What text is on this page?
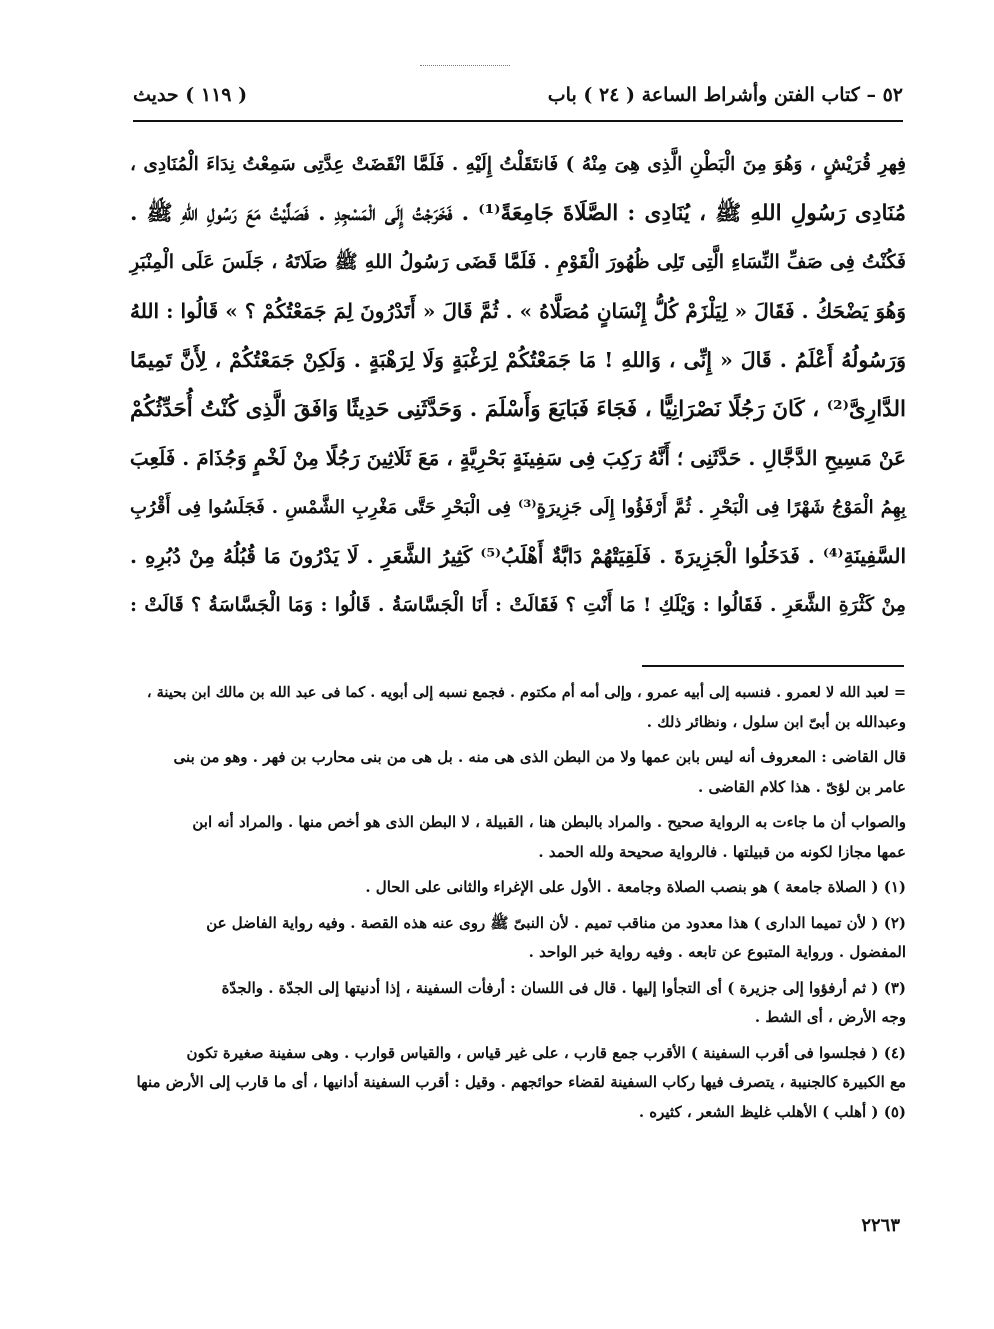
٥٢ – كتاب الفتن وأشراط الساعة ( ٢٤ ) باب
( ١١٩ ) حديث

فِهرِ قُرَيْشٍ ، وَهُوَ مِنَ الْبَطْنِ الَّذِى هِىَ مِنْهُ ) فَانتَقَلْتُ إِلَيْهِ . فَلَمَّا انْقَضَتْ عِدَّتِى سَمِعْتُ نِدَاءَ الْمُنَادِى ،

مُنَادِى رَسُولِ اللهِ ﷺ ، يُنَادِى : الصَّلَاةَ جَامِعَةً⁽¹⁾ . فَخَرَجْتُ إِلَى الْمَسْجِدِ . فَصَلَّيْتُ مَعَ رَسُولِ اللهِ ﷺ .

فَكُنْتُ فِى صَفِّ النِّسَاءِ الَّتِى تَلِى ظُهُورَ الْقَوْمِ . فَلَمَّا قَضَى رَسُولُ اللهِ ﷺ صَلَاتَهُ ، جَلَسَ عَلَى الْمِنْبَرِ

وَهُوَ يَضْحَكُ . فَقَالَ « لِيَلْزَمْ كُلُّ إِنْسَانٍ مُصَلَّاهُ » . ثُمَّ قَالَ « أَتَدْرُونَ لِمَ جَمَعْتُكُمْ ؟ » قَالُوا : اللهُ

وَرَسُولُهُ أَعْلَمُ . قَالَ « إِنِّى ، وَاللهِ ! مَا جَمَعْتُكُمْ لِرَغْبَةٍ وَلَا لِرَهْبَةٍ . وَلَكِنْ جَمَعْتُكُمْ ، لِأَنَّ تَمِيمًا

الدَّارِىَّ⁽²⁾ ، كَانَ رَجُلًا نَصْرَانِيًّا ، فَجَاءَ فَبَايَعَ وَأَسْلَمَ . وَحَدَّثَنِى حَدِيثًا وَافَقَ الَّذِى كُنْتُ أُحَدِّثُكُمْ

عَنْ مَسِيحِ الدَّجَّالِ . حَدَّثَنِى ؛ أَنَّهُ رَكِبَ فِى سَفِينَةٍ بَحْرِيَّةٍ ، مَعَ ثَلَاثِينَ رَجُلًا مِنْ لَخْمٍ وَجُذَامَ . فَلَعِبَ

بِهِمُ الْمَوْجُ شَهْرًا فِى الْبَحْرِ . ثُمَّ أَرْفَؤُوا إِلَى جَزِيرَةٍ⁽³⁾ فِى الْبَحْرِ حَتَّى مَغْرِبِ الشَّمْسِ . فَجَلَسُوا فِى أَقْرُبِ

السَّفِينَةِ⁽⁴⁾ . فَدَخَلُوا الْجَزِيرَةَ . فَلَقِيَتْهُمْ دَابَّةٌ أَهْلَبُ⁽⁵⁾ كَثِيرُ الشَّعَرِ . لَا يَدْرُونَ مَا قُبُلُهُ مِنْ دُبُرِهِ .

مِنْ كَثْرَةِ الشَّعَرِ . فَقَالُوا : وَيْلَكِ ! مَا أَنْتِ ؟ فَقَالَتْ : أَنَا الْجَسَّاسَةُ . قَالُوا : وَمَا الْجَسَّاسَةُ ؟ قَالَتْ :

= لعبد الله لا لعمرو . فنسبه إلى أبيه عمرو ، وإلى أمه أم مكتوم . فجمع نسبه إلى أبويه . كما فى عبد الله بن مالك ابن بحينة ،
وعبدالله بن أبىّ ابن سلول ، ونظائر ذلك .
قال القاضى : المعروف أنه ليس بابن عمها ولا من البطن الذى هى منه . بل هى من بنى محارب بن فهر . وهو من بنى
عامر بن لؤىّ . هذا كلام القاضى .
والصواب أن ما جاءت به الرواية صحيح . والمراد بالبطن هنا ، القبيلة ، لا البطن الذى هو أخص منها . والمراد أنه ابن
عمها مجازا لكونه من قبيلتها . فالرواية صحيحة ولله الحمد .
(١) ( الصلاة جامعة ) هو بنصب الصلاة وجامعة . الأول على الإغراء والثانى على الحال .
(٢) ( لأن تميما الدارى ) هذا معدود من مناقب تميم . لأن النبىّ ﷺ روى عنه هذه القصة . وفيه رواية الفاضل عن
المفضول . ورواية المتبوع عن تابعه . وفيه رواية خبر الواحد .
(٣) ( ثم أرفؤوا إلى جزيرة ) أى التجأوا إليها . قال فى اللسان : أرفأت السفينة ، إذا أدنيتها إلى الجدّة . والجدّة
وجه الأرض ، أى الشط .
(٤) ( فجلسوا فى أقرب السفينة ) الأقرب جمع قارب ، على غير قياس ، والقياس قوارب . وهى سفينة صغيرة تكون
مع الكبيرة كالجنيبة ، يتصرف فيها ركاب السفينة لقضاء حوائجهم . وقيل : أقرب السفينة أدانيها ، أى ما قارب إلى الأرض منها
(٥) ( أهلب ) الأهلب غليظ الشعر ، كثيره .
٢٢٦٣
